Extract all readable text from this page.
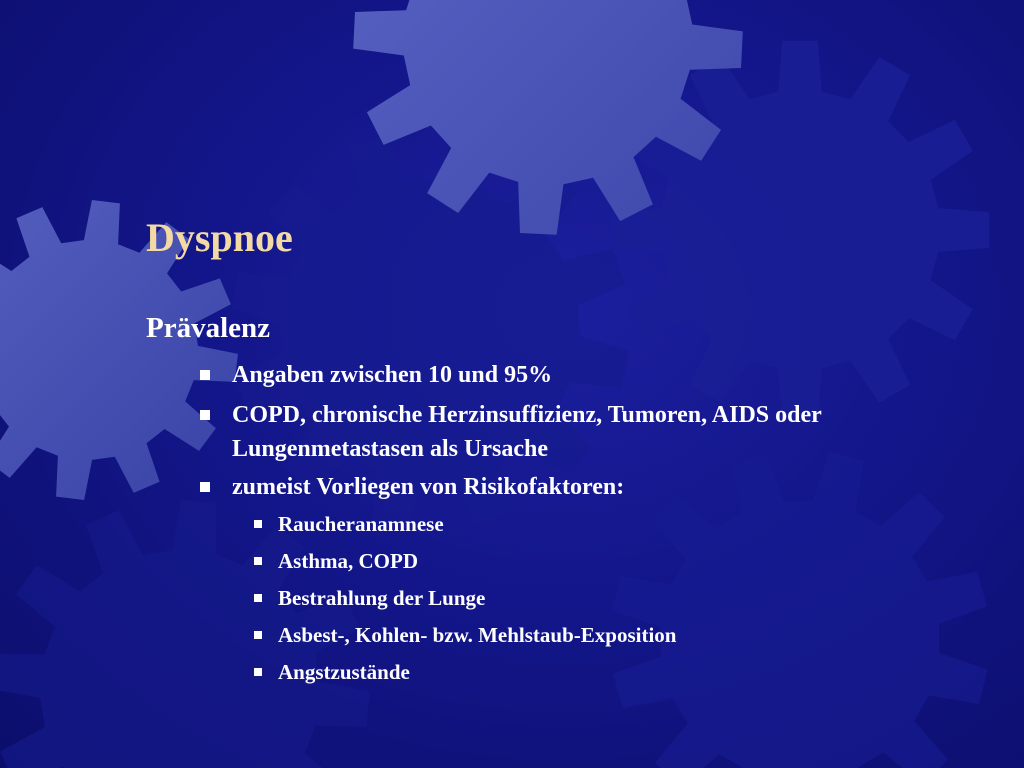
Dyspnoe
Prävalenz
Angaben zwischen 10 und 95%
COPD, chronische Herzinsuffizienz, Tumoren, AIDS oder Lungenmetastasen als Ursache
zumeist Vorliegen von Risikofaktoren:
Raucheranamnese
Asthma, COPD
Bestrahlung der Lunge
Asbest-, Kohlen- bzw. Mehlstaub-Exposition
Angstzustände
